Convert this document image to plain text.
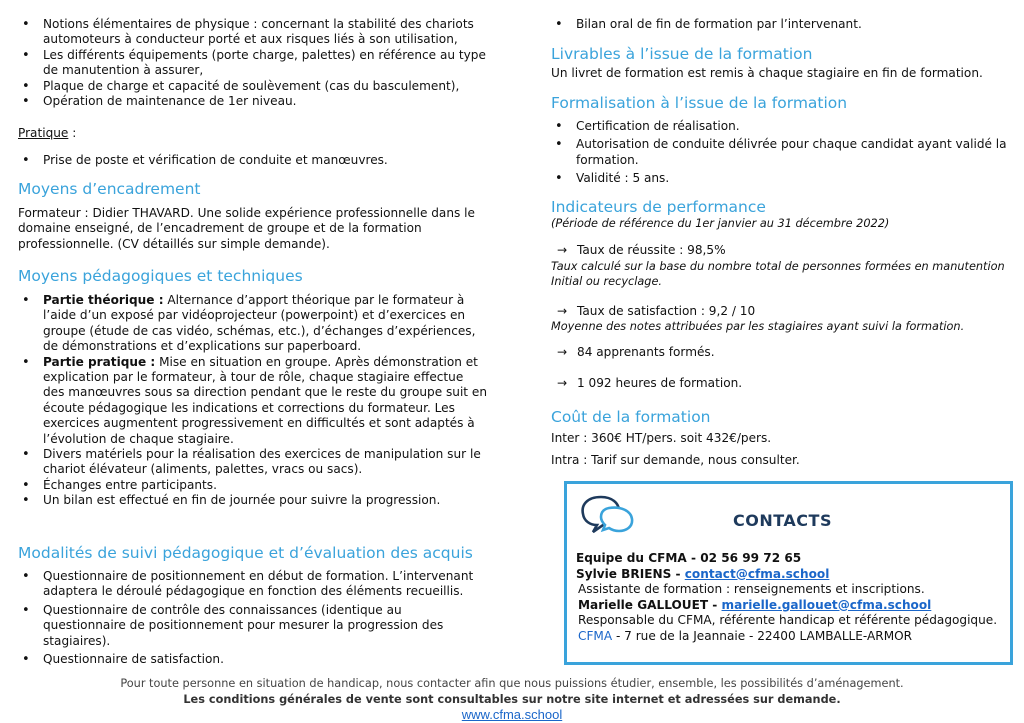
• Notions élémentaires de physique : concernant la stabilité des chariots automoteurs à conducteur porté et aux risques liés à son utilisation,
• Les différents équipements (porte charge, palettes) en référence au type de manutention à assurer,
• Plaque de charge et capacité de soulèvement (cas du basculement),
• Opération de maintenance de 1er niveau.

Pratique :

• Prise de poste et vérification de conduite et manœuvres.
Moyens d’encadrement

Formateur : Didier THAVARD. Une solide expérience professionnelle dans le domaine enseigné, de l’encadrement de groupe et de la formation professionnelle. (CV détaillés sur simple demande).

Moyens pédagogiques et techniques
• Partie théorique : Alternance d’apport théorique par le formateur à l’aide d’un exposé par vidéoprojecteur (powerpoint) et d’exercices en groupe (étude de cas vidéo, schémas, etc.), d’échanges d’expériences, de démonstrations et d’explications sur paperboard.
• Partie pratique : Mise en situation en groupe. Après démonstration et explication par le formateur, à tour de rôle, chaque stagiaire effectue des manœuvres sous sa direction pendant que le reste du groupe suit en écoute pédagogique les indications et corrections du formateur. Les exercices augmentent progressivement en difficultés et sont adaptés à l’évolution de chaque stagiaire.
• Divers matériels pour la réalisation des exercices de manipulation sur le chariot élévateur (aliments, palettes, vracs ou sacs).
• Échanges entre participants.
• Un bilan est effectué en fin de journée pour suivre la progression.
Modalités de suivi pédagogique et d’évaluation des acquis
• Questionnaire de positionnement en début de formation. L’intervenant adaptera le déroulé pédagogique en fonction des éléments recueillis.
• Questionnaire de contrôle des connaissances (identique au questionnaire de positionnement pour mesurer la progression des stagiaires).
• Questionnaire de satisfaction.
• Bilan oral de fin de formation par l’intervenant.
Livrables à l’issue de la formation

Un livret de formation est remis à chaque stagiaire en fin de formation.

Formalisation à l’issue de la formation
• Certification de réalisation.
• Autorisation de conduite délivrée pour chaque candidat ayant validé la formation.
• Validité : 5 ans.
Indicateurs de performance

(Période de référence du 1er janvier au 31 décembre 2022)

→ Taux de réussite : 98,5%

Taux calculé sur la base du nombre total de personnes formées en manutention Initial ou recyclage.

→ Taux de satisfaction : 9,2 / 10

Moyenne des notes attribuées par les stagiaires ayant suivi la formation.

→ 84 apprenants formés.
→ 1 092 heures de formation.
Coût de la formation

Inter : 360€ HT/pers. soit 432€/pers.

Intra : Tarif sur demande, nous consulter.

CONTACTS
Equipe du CFMA - 02 56 99 72 65
Sylvie BRIENS - contact@cfma.school
Assistante de formation : renseignements et inscriptions.
Marielle GALLOUET - marielle.gallouet@cfma.school
Responsable du CFMA, référente handicap et référente pédagogique.
CFMA - 7 rue de la Jeannaie - 22400 LAMBALLE-ARMOR
Pour toute personne en situation de handicap, nous contacter afin que nous puissions étudier, ensemble, les possibilités d’aménagement.
Les conditions générales de vente sont consultables sur notre site internet et adressées sur demande.
www.cfma.school
